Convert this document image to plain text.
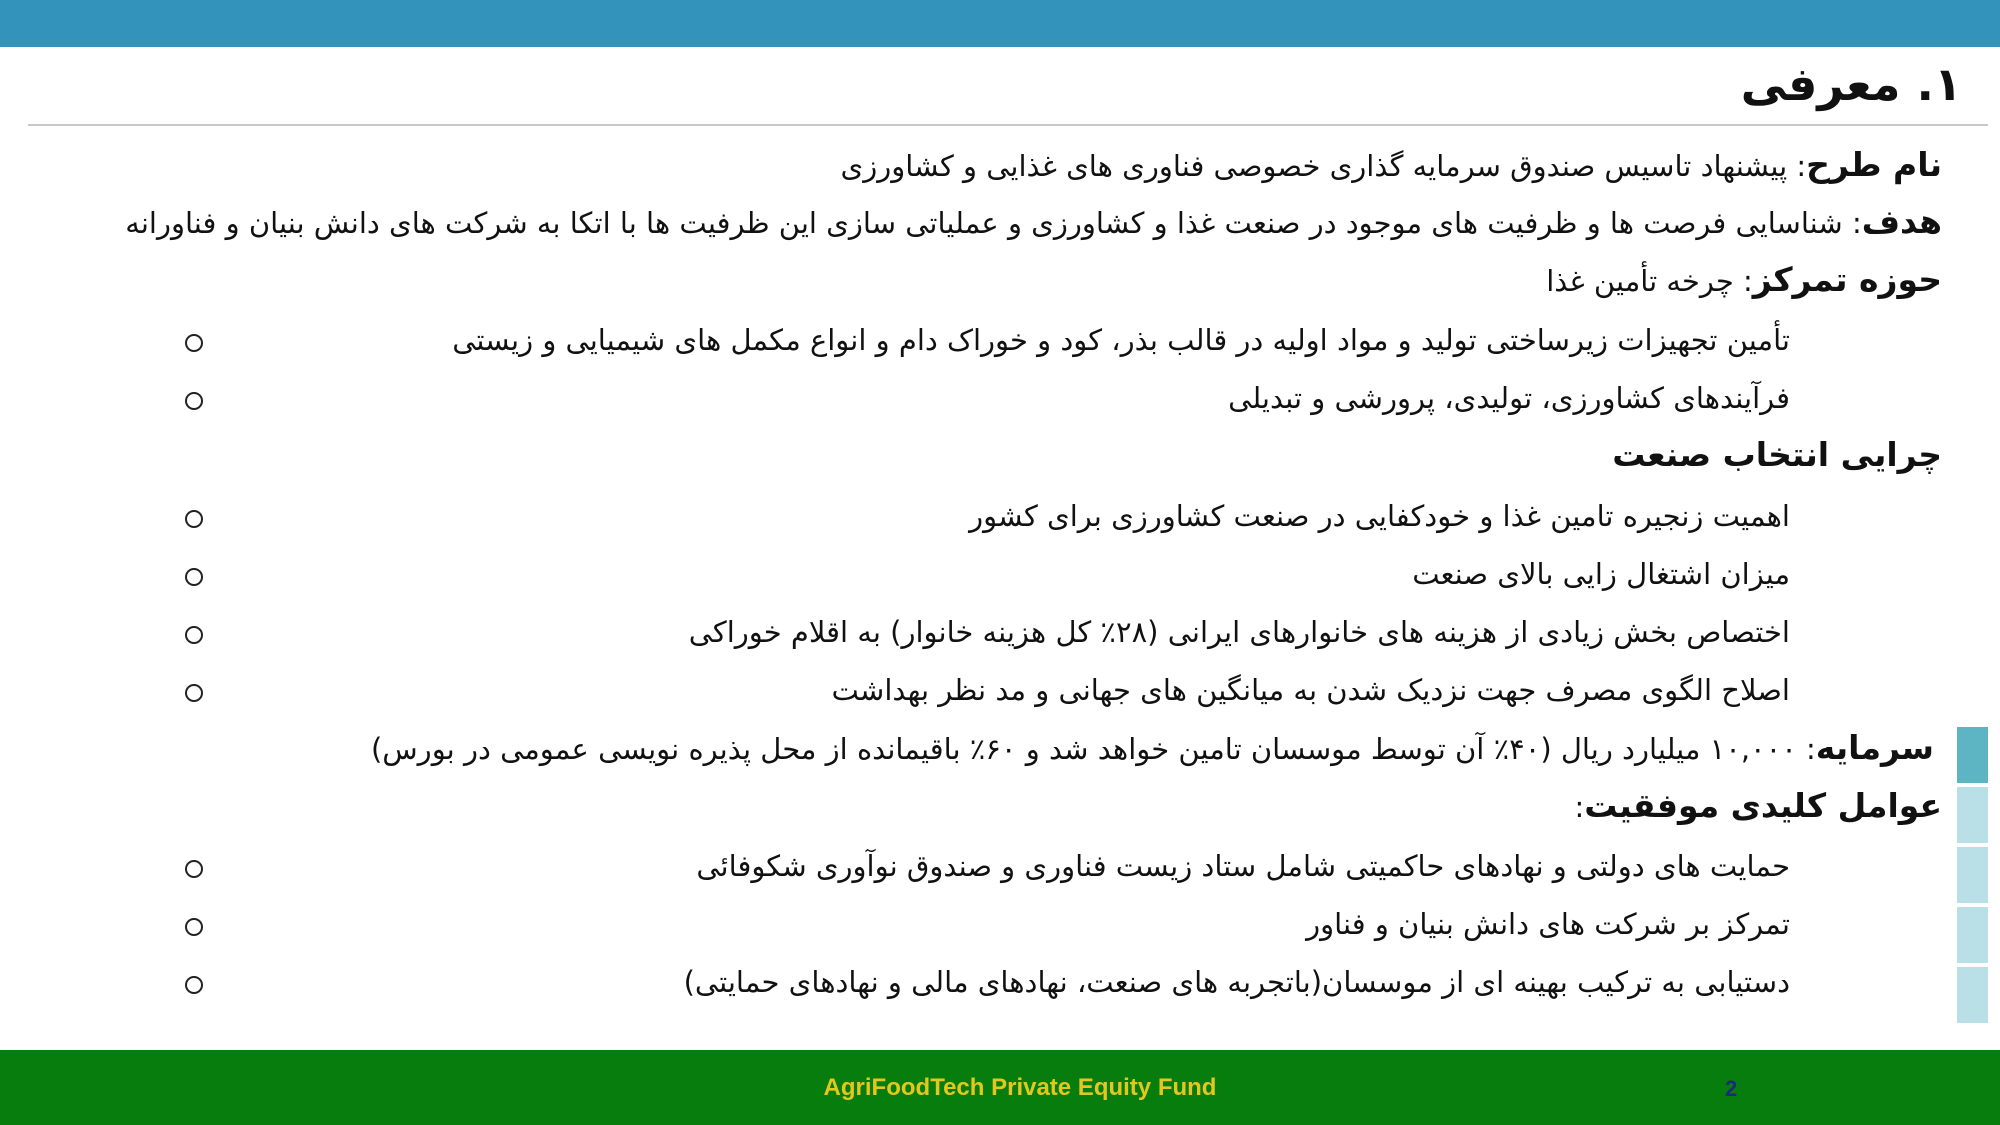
۱. معرفی
نام طرح: پیشنهاد تاسیس صندوق سرمایه گذاری خصوصی فناوری های غذایی و کشاورزی
هدف: شناسایی فرصت ها و ظرفیت های موجود در صنعت غذا و کشاورزی و عملیاتی سازی این ظرفیت ها با اتکا به شرکت های دانش بنیان و فناورانه
حوزه تمرکز: چرخه تأمین غذا
تأمین تجهیزات زیرساختی تولید و مواد اولیه در قالب بذر، کود و خوراک دام و انواع مکمل های شیمیایی و زیستی
فرآیندهای کشاورزی، تولیدی، پرورشی و تبدیلی
چرایی انتخاب صنعت
اهمیت زنجیره تامین غذا و خودکفایی در صنعت کشاورزی برای کشور
میزان اشتغال زایی بالای صنعت
اختصاص بخش زیادی از هزینه های خانوارهای ایرانی (۲۸٪ کل هزینه خانوار) به اقلام خوراکی
اصلاح الگوی مصرف جهت نزدیک شدن به میانگین های جهانی و مد نظر بهداشت
سرمایه: ۱۰,۰۰۰ میلیارد ریال (۴۰٪ آن توسط موسسان تامین خواهد شد و ۶۰٪ باقیمانده از محل پذیره نویسی عمومی در بورس)
عوامل کلیدی موفقیت:
حمایت های دولتی و نهادهای حاکمیتی شامل ستاد زیست فناوری و صندوق نوآوری شکوفائی
تمرکز بر شرکت های دانش بنیان و فناور
دستیابی به ترکیب بهینه ای از موسسان(باتجربه های صنعت، نهادهای مالی و نهادهای حمایتی)
AgriFoodTech Private Equity Fund	2
